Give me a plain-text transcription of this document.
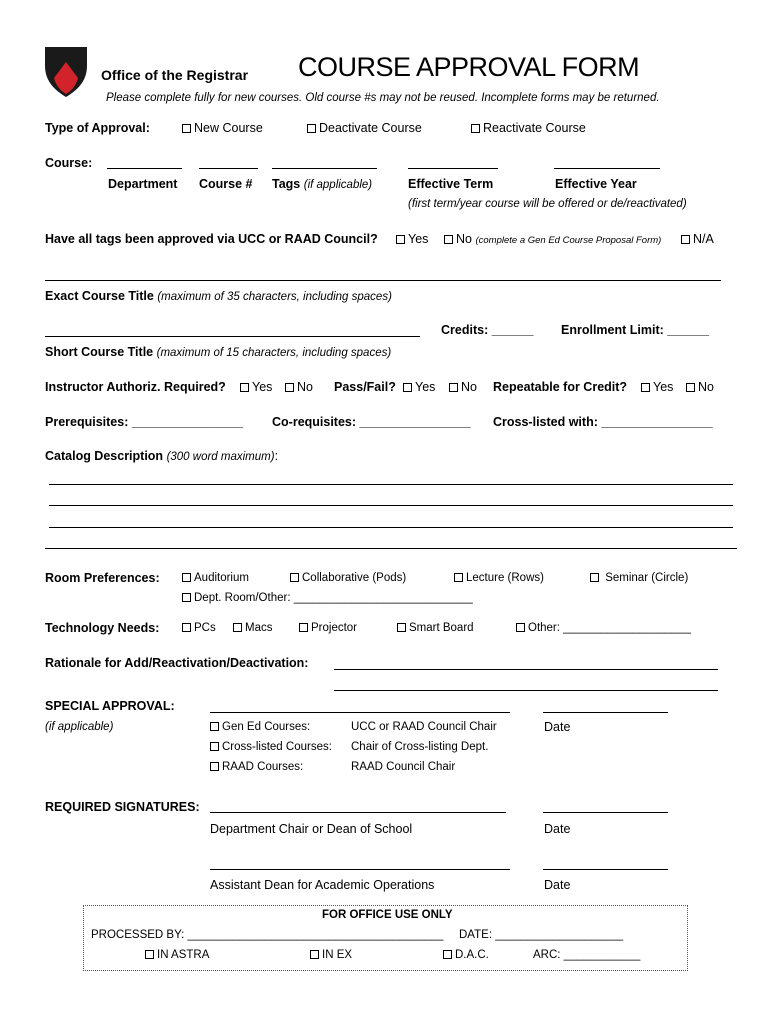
Office of the Registrar COURSE APPROVAL FORM
Please complete fully for new courses. Old course #s may not be reused. Incomplete forms may be returned.
Type of Approval:	New Course	Deactivate Course	Reactivate Course
Course:
Department Course # Tags (if applicable)	Effective Term	Effective Year
(first term/year course will be offered or de/reactivated)
Have all tags been approved via UCC or RAAD Council?	Yes	No (complete a Gen Ed Course Proposal Form)	N/A
Exact Course Title (maximum of 35 characters, including spaces)
Credits: ______ Enrollment Limit: ______
Short Course Title (maximum of 15 characters, including spaces)
Instructor Authoriz. Required?	Yes	No Pass/Fail?	Yes	No Repeatable for Credit?	Yes	No
Prerequisites: ________________ Co-requisites: ________________ Cross-listed with: ________________
Catalog Description (300 word maximum):
Room Preferences:	Auditorium	Collaborative (Pods)	Lecture (Rows)	Seminar (Circle)
Dept. Room/Other: ____________________________
Technology Needs:	PCs	Macs	Projector	Smart Board	Other: ____________________
Rationale for Add/Reactivation/Deactivation:
SPECIAL APPROVAL:
(if applicable)	Gen Ed Courses:	UCC or RAAD Council Chair	Date
Cross-listed Courses: Chair of Cross-listing Dept.
RAAD Courses:	RAAD Council Chair
REQUIRED SIGNATURES:
Department Chair or Dean of School	Date
Assistant Dean for Academic Operations	Date
FOR OFFICE USE ONLY
PROCESSED BY: ________________________________________ DATE: ____________________
IN ASTRA	IN EX	D.A.C.	ARC: ____________
